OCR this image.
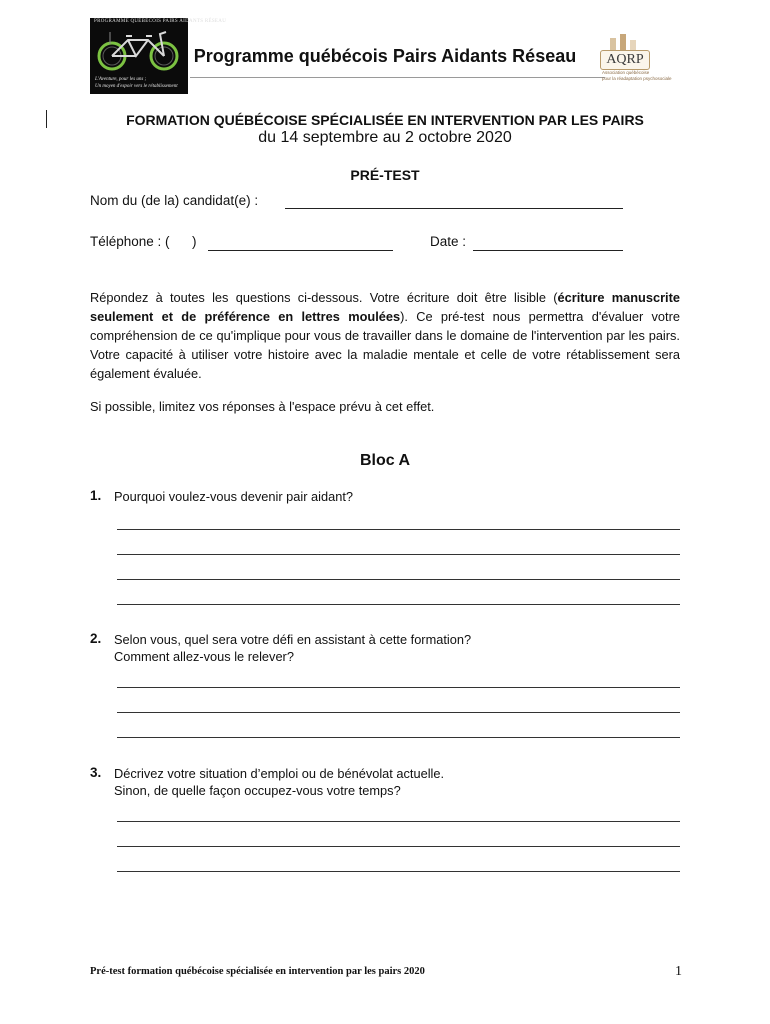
PROGRAMME QUÉBÉCOIS PAIRS AIDANTS RÉSEAU
L'Aventure, pour les uns ;
Un moyen d'espoir vers le rétablissement
Programme québécois Pairs Aidants Réseau	AQRP
Association québécoise
pour la réadaptation psychosociale
FORMATION QUÉBÉCOISE SPÉCIALISÉE EN INTERVENTION PAR LES PAIRS
du 14 septembre au 2 octobre 2020
PRÉ-TEST
Nom du (de la) candidat(e) :
Téléphone : (      )	Date :
Répondez à toutes les questions ci-dessous. Votre écriture doit être lisible (écriture manuscrite seulement et de préférence en lettres moulées). Ce pré-test nous permettra d'évaluer votre compréhension de ce qu'implique pour vous de travailler dans le domaine de l'intervention par les pairs. Votre capacité à utiliser votre histoire avec la maladie mentale et celle de votre rétablissement sera également évaluée.
Si possible, limitez vos réponses à l'espace prévu à cet effet.
Bloc A
1. Pourquoi voulez-vous devenir pair aidant?
2. Selon vous, quel sera votre défi en assistant à cette formation?
Comment allez-vous le relever?
3. Décrivez votre situation d’emploi ou de bénévolat actuelle.
Sinon, de quelle façon occupez-vous votre temps?
Pré-test formation québécoise spécialisée en intervention par les pairs 2020	1
